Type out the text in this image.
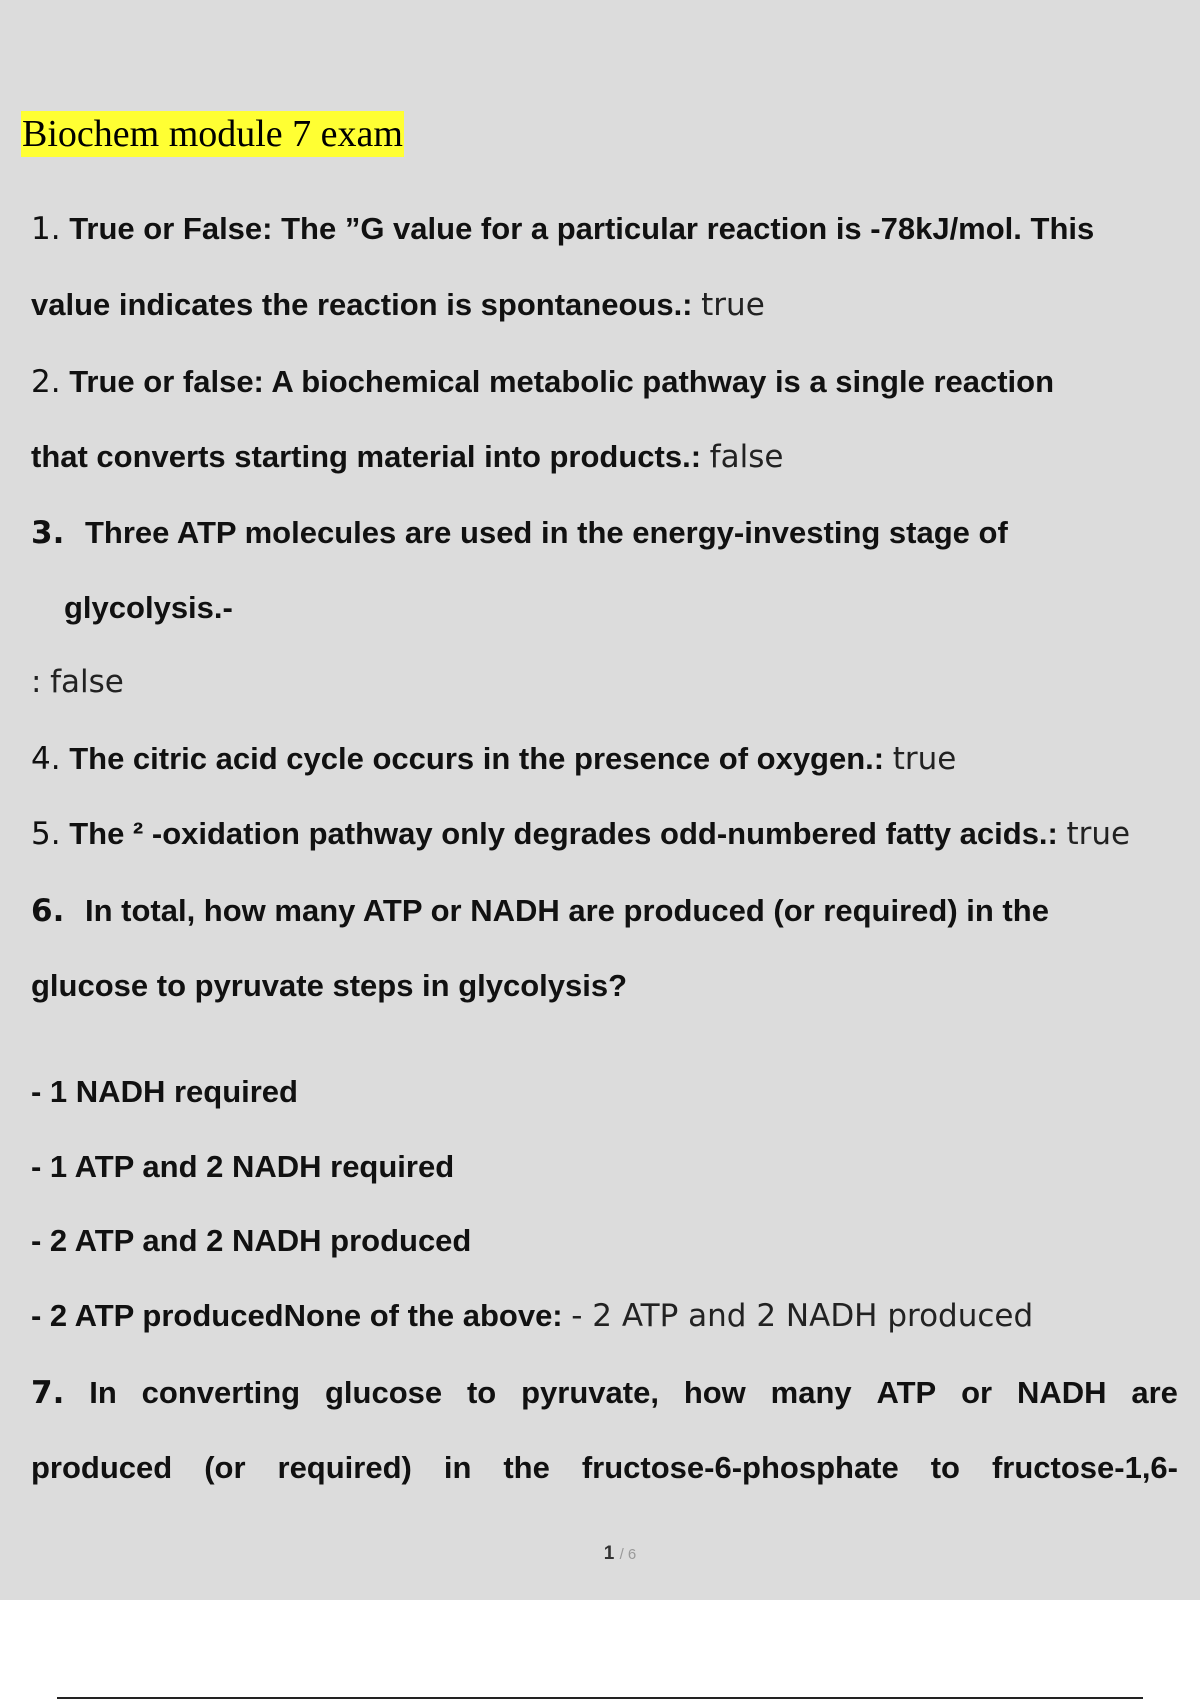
Biochem module 7 exam
1. True or False: The ”G value for a particular reaction is -78kJ/mol. This
value indicates the reaction is spontaneous.: true
2. True or false: A biochemical metabolic pathway is a single reaction
that converts starting material into products.: false
3. Three ATP molecules are used in the energy-investing stage of
glycolysis.-
: false
4. The citric acid cycle occurs in the presence of oxygen.: true
5. The ² -oxidation pathway only degrades odd-numbered fatty acids.: true
6. In total, how many ATP or NADH are produced (or required) in the
glucose to pyruvate steps in glycolysis?
- 1 NADH required
- 1 ATP and 2 NADH required
- 2 ATP and 2 NADH produced
- 2 ATP producedNone of the above: - 2 ATP and 2 NADH produced
7. In converting glucose to pyruvate, how many ATP or NADH are
produced (or required) in the fructose-6-phosphate to fructose-1,6-
1 / 6
